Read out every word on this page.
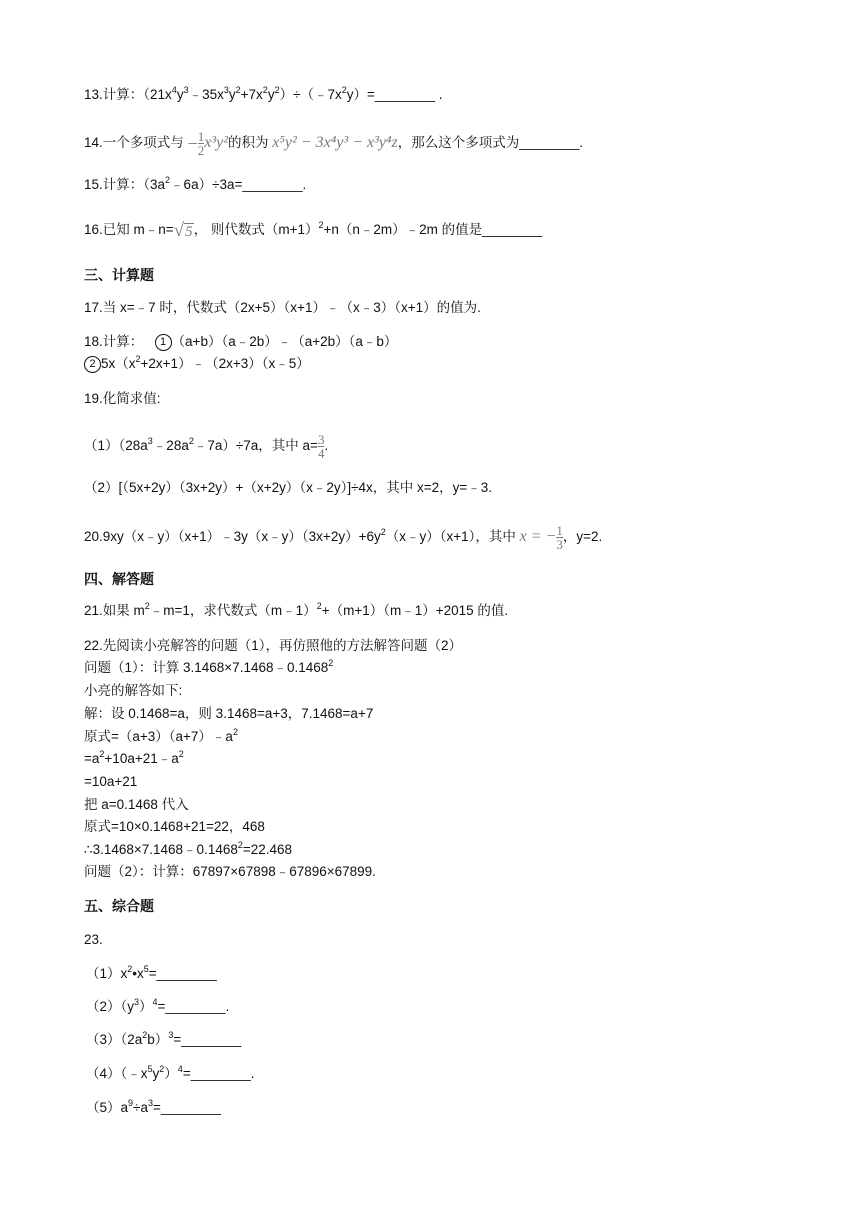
13.计算：$(21x^4y^3﹣35x^3y^2+7x^2y^2)\div(﹣7x^2y)=\_\_\_\_\_\_\_\_$ .
14.一个多项式与 − $\frac{1}{2} x^3y^2$的积为 x⁵y² − 3x⁴y³ − x³y⁴z，那么这个多项式为________.
15.计算：$(3a^2﹣6a)\div 3a=\_\_\_\_\_\_\_\_$.
16.已知 m﹣n=√5， 则代数式$(m+1)^2+n(n﹣2m)﹣2m$ 的值是________
三、计算题
17.当 x=﹣7 时，代数式（2x+5）（x+1）﹣（x﹣3）（x+1）的值为.
18.计算： 1 （a+b）（a﹣2b）﹣（a+2b）（a﹣b）
2 $5x(x^2+2x+1)﹣(2x+3)(x﹣5)$
19.化简求值:
$(1)(28a^3﹣28a^2﹣7a)\div 7a$，其中 $a= \frac{3}{4}$ .
（2）[（5x+2y）（3x+2y）+（x+2y）（x﹣2y）]÷4x，其中 x=2，y=﹣3.
$20.9xy(x﹣y)(x+1)﹣3y(x﹣y)(3x+2y)+6y^2(x﹣y)(x+1)$，其中 x = − $\frac{1}{3}$ ，y=2.
四、解答题
21.如果 $m^2﹣m=1$，求代数式（m﹣1）$^2$+（m+1）（m﹣1）+2015 的值.
22.先阅读小亮解答的问题（1），再仿照他的方法解答问题（2）
问题（1）：计算 $3.1468\times 7.1468﹣0.1468^2$
小亮的解答如下:
解：设 0.1468=a，则 3.1468=a+3，7.1468=a+7
原式$=(a+3)(a+7)﹣a^2$
$=a^2+10a+21﹣a^2$
=10a+21
把 a=0.1468 代入
原式=10×0.1468+21=22，468
$\therefore 3.1468\times 7.1468﹣0.1468^2=22.468$
问题（2）：计算：67897×67898﹣67896×67899.
五、综合题
23.
$(1)x^2•x^5=\_\_\_\_\_\_\_\_$
$(2)(y^3)^4=\_\_\_\_\_\_\_\_$.
$(3)(2a^2b)^3=\_\_\_\_\_\_\_\_$
$(4)(﹣x^5y^2)^4=\_\_\_\_\_\_\_\_$.
$(5)a^9\div a^3=\_\_\_\_\_\_\_\_$
